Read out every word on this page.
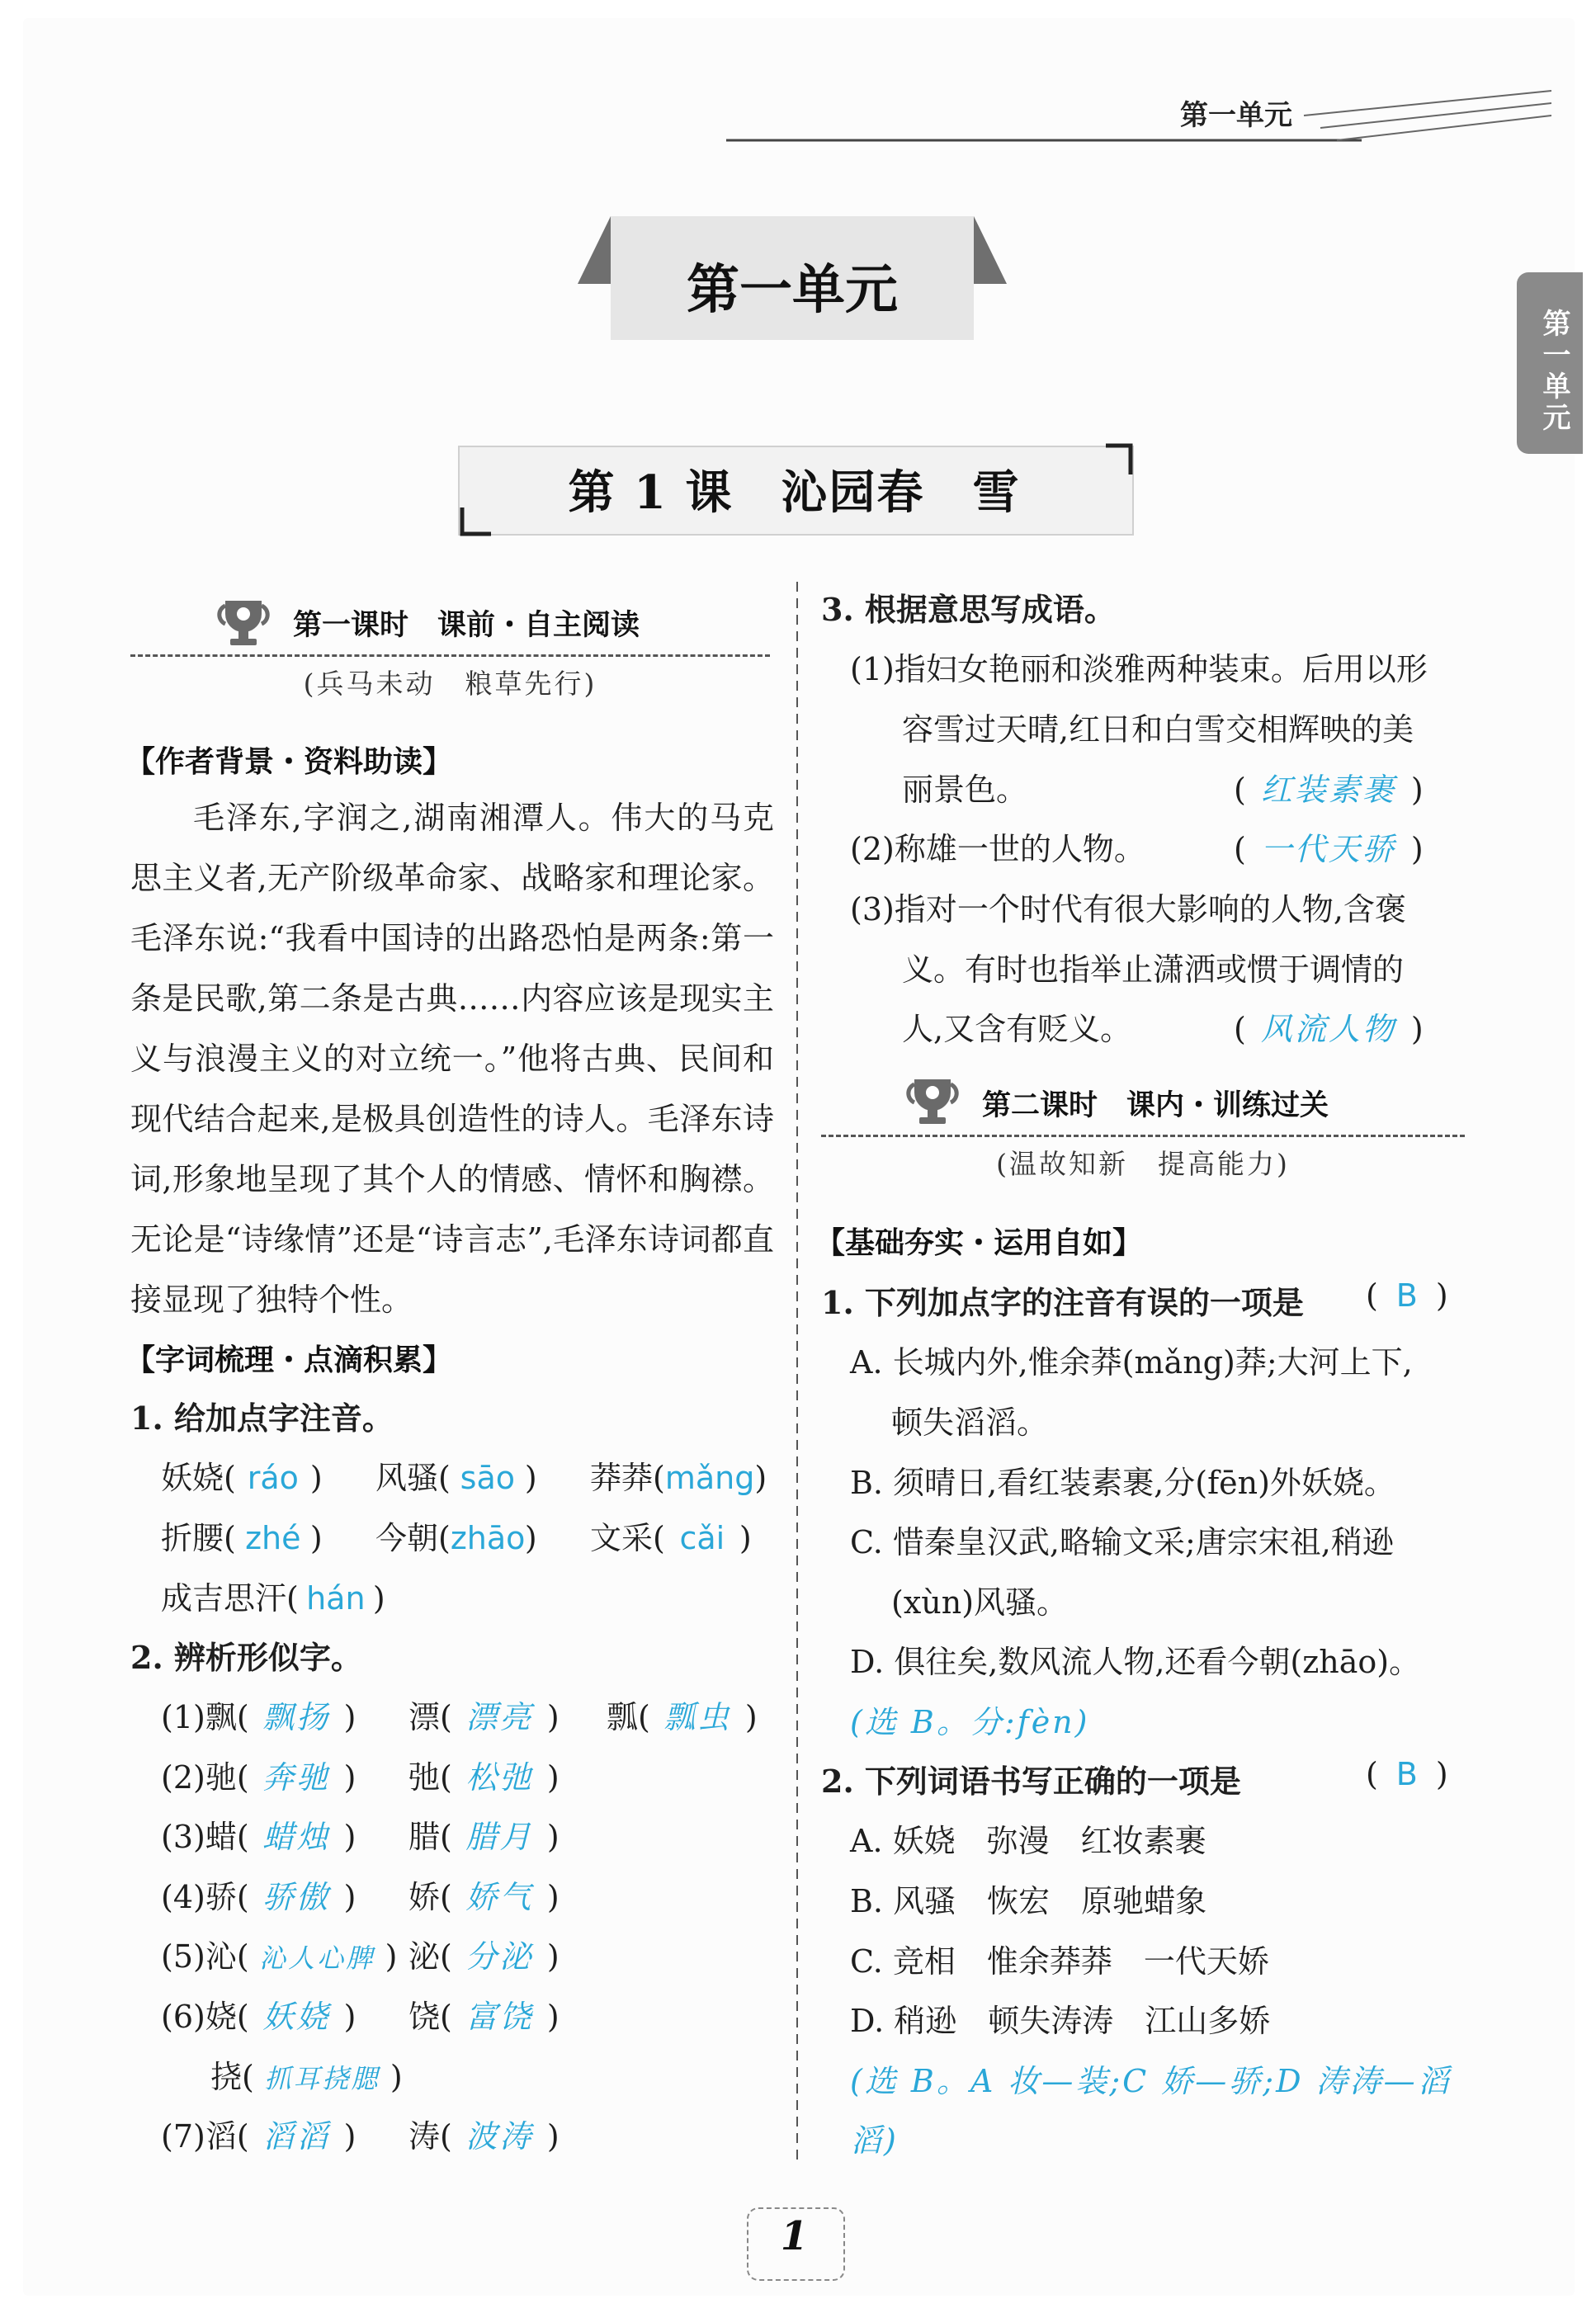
第一单元
第一单元
第一单元
第 1 课　沁园春　雪
第一课时　课前・自主阅读
(兵马未动　粮草先行)
【作者背景・资料助读】
毛泽东,字润之,湖南湘潭人。伟大的马克思主义者,无产阶级革命家、战略家和理论家。毛泽东说:“我看中国诗的出路恐怕是两条:第一条是民歌,第二条是古典……内容应该是现实主义与浪漫主义的对立统一。”他将古典、民间和现代结合起来,是极具创造性的诗人。毛泽东诗词,形象地呈现了其个人的情感、情怀和胸襟。无论是“诗缘情”还是“诗言志”,毛泽东诗词都直接显现了独特个性。
【字词梳理・点滴积累】
1. 给加点字注音。
妖娆( ráo ) 风骚( sāo ) 莽莽(mǎng)
折腰( zhé ) 今朝(zhāo) 文采( cǎi )
成吉思汗( hán )
2. 辨析形似字。
(1)飘( 飘扬 ) 漂( 漂亮 ) 瓢( 瓢虫 )
(2)驰( 奔驰 ) 弛( 松弛 )
(3)蜡( 蜡烛 ) 腊( 腊月 )
(4)骄( 骄傲 ) 娇( 娇气 )
(5)沁( 沁人心脾 ) 泌( 分泌 )
(6)娆( 妖娆 ) 饶( 富饶 )
挠( 抓耳挠腮 )
(7)滔( 滔滔 ) 涛( 波涛 )
3. 根据意思写成语。
(1)指妇女艳丽和淡雅两种装束。后用以形
容雪过天晴,红日和白雪交相辉映的美
丽景色。	( 红装素裹 )
(2)称雄一世的人物。	( 一代天骄 )
(3)指对一个时代有很大影响的人物,含褒
义。有时也指举止潇洒或惯于调情的
人,又含有贬义。	( 风流人物 )
第二课时　课内・训练过关
(温故知新　提高能力)
【基础夯实・运用自如】
1. 下列加点字的注音有误的一项是 ( B )
A. 长城内外,惟余莽(mǎng)莽;大河上下,
顿失滔滔。
B. 须晴日,看红装素裹,分(fēn)外妖娆。
C. 惜秦皇汉武,略输文采;唐宗宋祖,稍逊
(xùn)风骚。
D. 俱往矣,数风流人物,还看今朝(zhāo)。
(选 B。分:fèn)
2. 下列词语书写正确的一项是	( B )
A. 妖娆　弥漫　红妆素裹
B. 风骚　恢宏　原驰蜡象
C. 竞相　惟余莽莽　一代天娇
D. 稍逊　顿失涛涛　江山多娇
(选 B。A 妆—装;C 娇—骄;D 涛涛—滔
滔)
1
